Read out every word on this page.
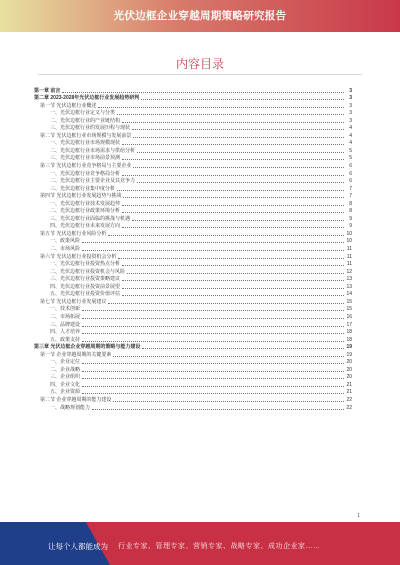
光伏边框企业穿越周期策略研究报告
内容目录
第一章 前言	3
第二章 2023-2028年光伏边框行业发展趋势研判	3
第一节 光伏边框行业概述	3
一、光伏边框行业定义与分类	3
二、光伏边框行业的产业链结构	3
三、光伏边框行业的发展历程与现状	4
第二节 光伏边框行业市场规模与发展前景	4
一、光伏边框行业市场规模现状	4
二、光伏边框行业市场需求与供给分析	5
三、光伏边框行业市场前景预测	5
第三节 光伏边框行业竞争格局与主要企业	6
一、光伏边框行业竞争格局分析	6
二、光伏边框行业主要企业及其竞争力	6
三、光伏边框行业集中度分析	7
第四节 光伏边框行业发展趋势与挑战	7
一、光伏边框行业技术发展趋势	8
二、光伏边框行业政策环境分析	8
三、光伏边框行业面临的挑战与机遇	9
四、光伏边框行业未来发展方向	9
第五节 光伏边框行业风险分析	10
一、政策风险	10
二、市场风险	11
第六节 光伏边框行业投资机会分析	11
一、光伏边框行业投资热点分析	11
二、光伏边框行业投资机会与风险	12
三、光伏边框行业投资策略建议	13
四、光伏边框行业投资前景展望	13
五、光伏边框行业投资价值评估	14
第七节 光伏边框行业发展建议	15
一、技术创新	15
二、市场拓展	16
三、品牌建设	17
四、人才培养	18
五、政策支持	18
第三章 光伏边框企业穿越周期的策略与能力建设	19
第一节 企业穿越周期的关键要素	19
一、企业定位	20
二、企业战略	20
三、企业组织	20
四、企业文化	21
五、企业资源	21
第二节 企业穿越周期的能力建设	22
一、战略规划能力	22
1
让每个人都能成为 行业专家、管理专家、营销专家、战略专家、成功企业家……
